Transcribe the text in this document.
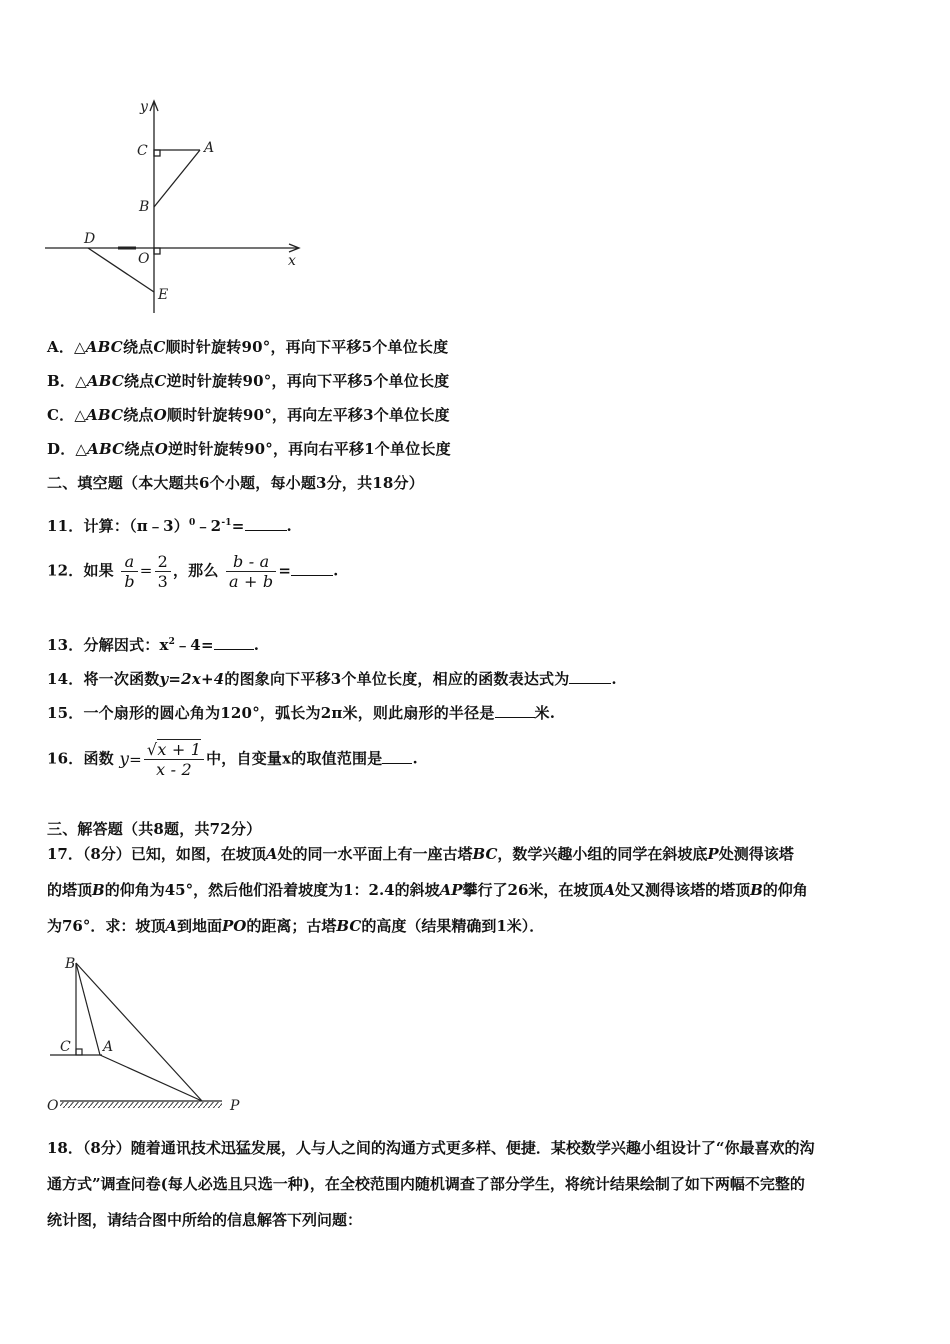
y
x
C	A
B
D
O
E
A．△ABC绕点C顺时针旋转90°，再向下平移5个单位长度
B．△ABC绕点C逆时针旋转90°，再向下平移5个单位长度
C．△ABC绕点O顺时针旋转90°，再向左平移3个单位长度
D．△ABC绕点O逆时针旋转90°，再向右平移1个单位长度
二、填空题（本大题共6个小题，每小题3分，共18分）
11．计算：$(\pi﹣3)^0﹣2^{-1}=$	.
12．如果 $\frac{a}{b} = \frac{2}{3}$ ，那么 $\frac{b - a}{a + b}$ =	.
13．分解因式：$x^2﹣4=$	.
14．将一次函数y=2x+4的图象向下平移3个单位长度，相应的函数表达式为	.
15．一个扇形的圆心角为120°，弧长为2π米，则此扇形的半径是	米.
16．函数 $y= \frac{√x + 1}{x - 2}$ 中，自变量x的取值范围是 .
三、解答题（共8题，共72分）
17．（8分）已知，如图，在坡顶A处的同一水平面上有一座古塔BC，数学兴趣小组的同学在斜坡底P处测得该塔
的塔顶B的仰角为45°，然后他们沿着坡度为1：2.4的斜坡AP攀行了26米，在坡顶A处又测得该塔的塔顶B的仰角
为76°．求：坡顶A到地面PO的距离；古塔BC的高度（结果精确到1米）．
B
C A
O	P
18．（8分）随着通讯技术迅猛发展，人与人之间的沟通方式更多样、便捷．某校数学兴趣小组设计了“你最喜欢的沟
通方式”调查问卷(每人必选且只选一种)，在全校范围内随机调查了部分学生，将统计结果绘制了如下两幅不完整的
统计图，请结合图中所给的信息解答下列问题：
